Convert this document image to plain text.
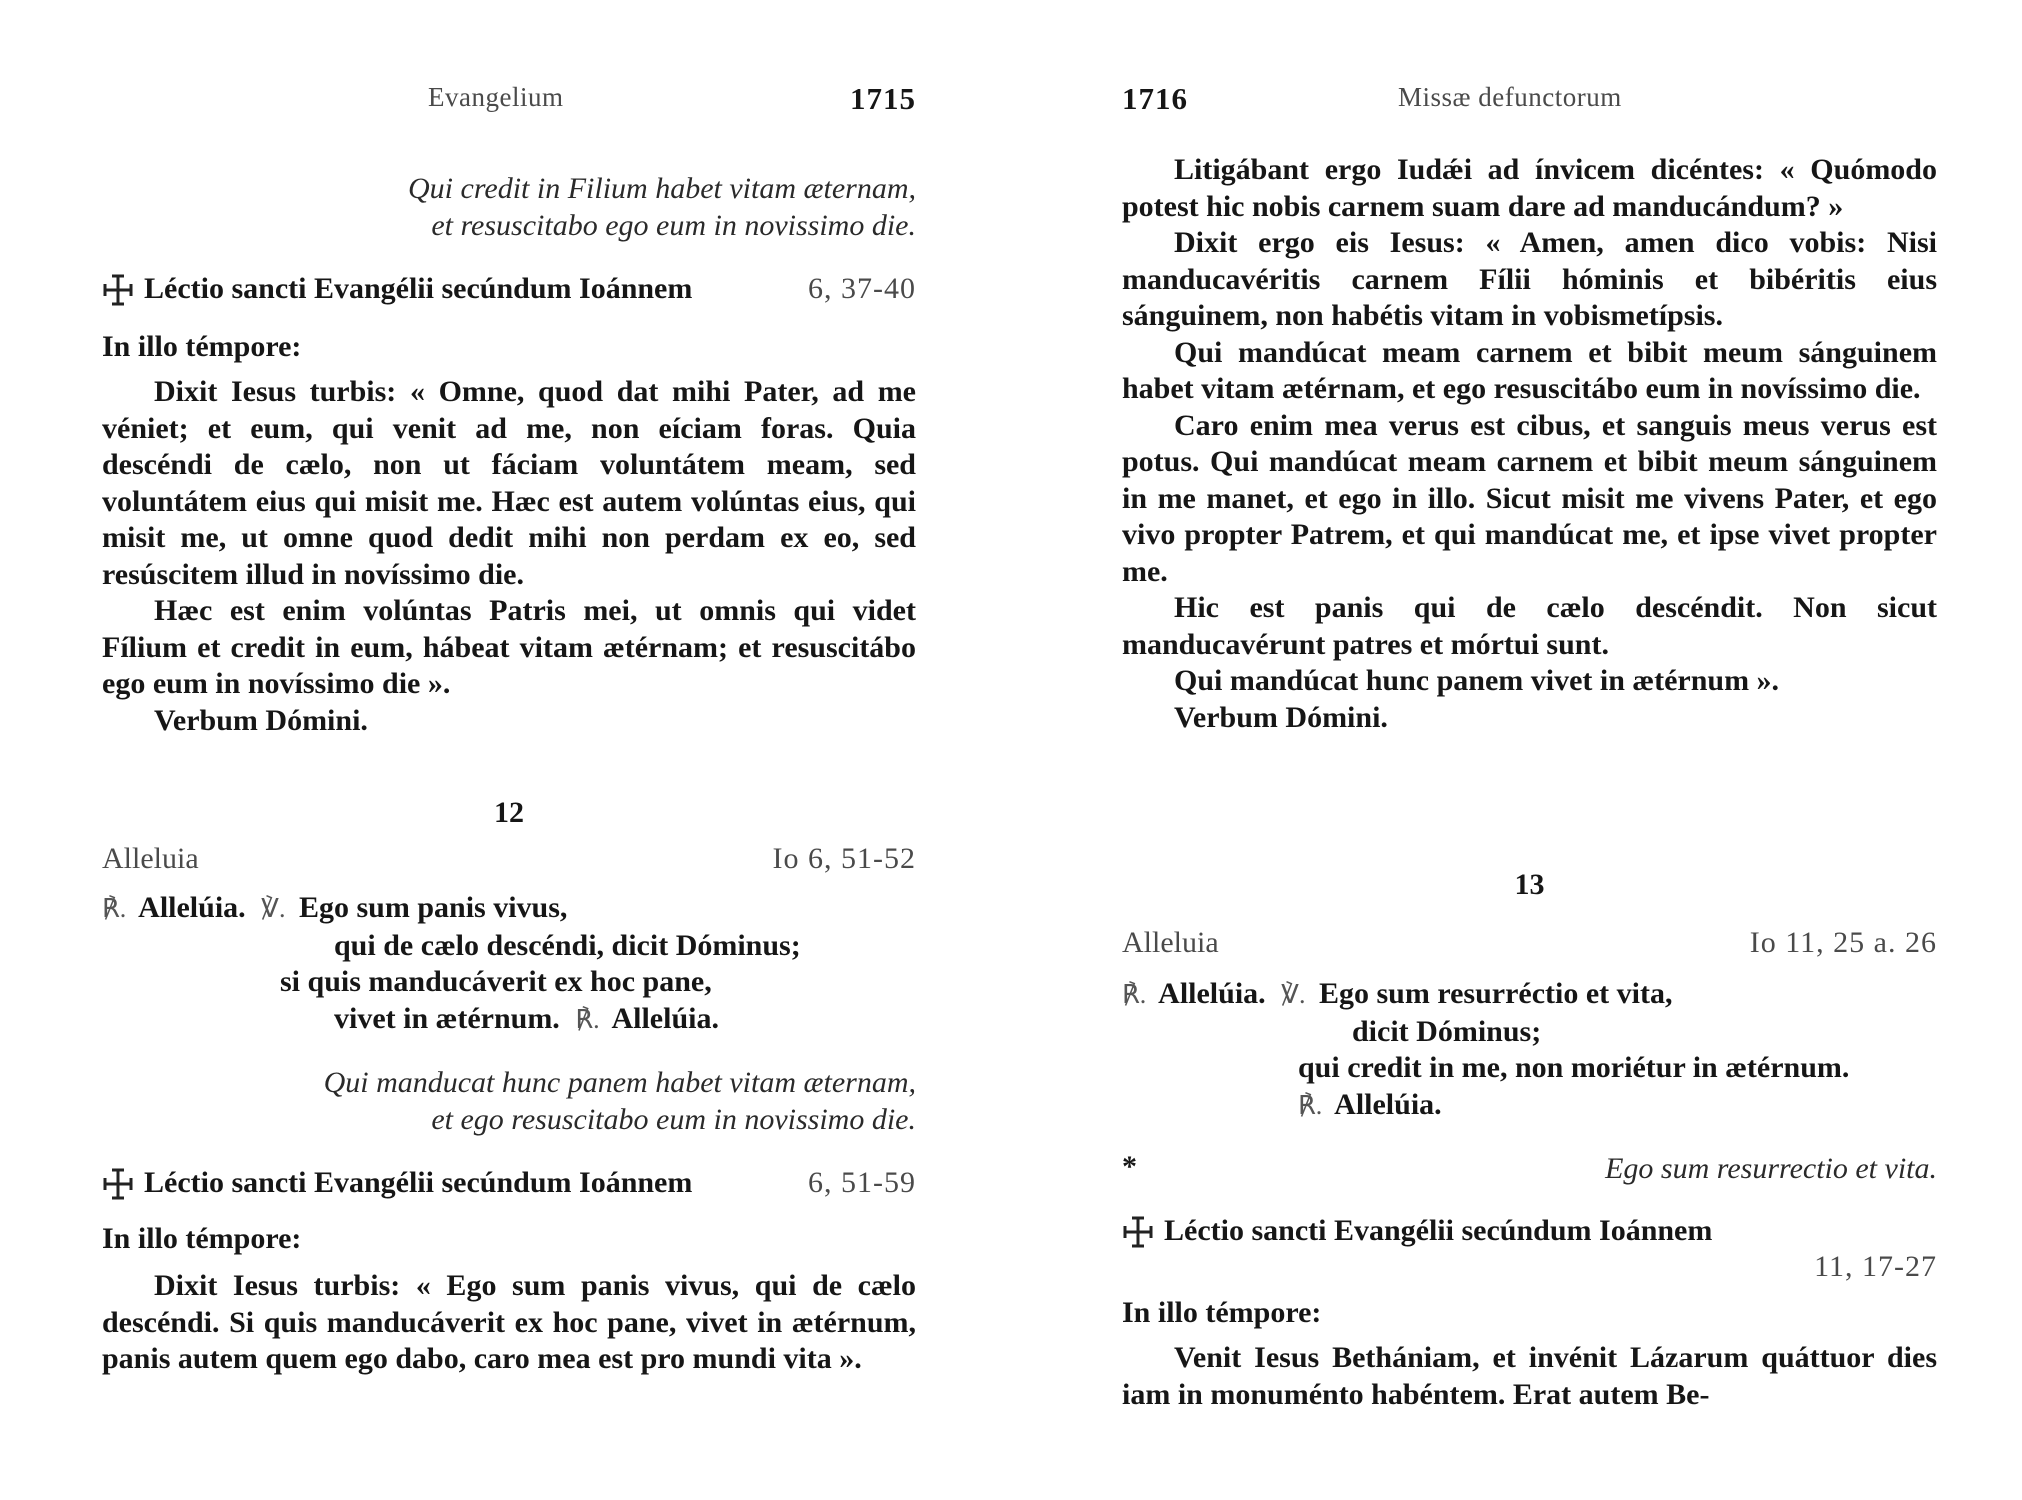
Evangelium	1715
Qui credit in Filium habet vitam æternam,
et resuscitabo ego eum in novissimo die.
Léctio sancti Evangélii secúndum Ioánnem	6, 37-40
In illo témpore:

Dixit Iesus turbis: « Omne, quod dat mihi Pater, ad me véniet; et eum, qui venit ad me, non eíciam foras. Quia descéndi de cælo, non ut fáciam voluntátem meam, sed voluntátem eius qui misit me. Hæc est autem volúntas eius, qui misit me, ut omne quod dedit mihi non perdam ex eo, sed resúscitem illud in novíssimo die.

Hæc est enim volúntas Patris mei, ut omnis qui videt Fílium et credit in eum, hábeat vitam ætérnam; et resuscitábo ego eum in novíssimo die ».

Verbum Dómini.

12
Alleluia	Io 6, 51-52
℟. Allelúia. ℣. Ego sum panis vivus,
qui de cælo descéndi, dicit Dóminus;
si quis manducáverit ex hoc pane,
vivet in ætérnum. ℟. Allelúia.
Qui manducat hunc panem habet vitam æternam,
et ego resuscitabo eum in novissimo die.
Léctio sancti Evangélii secúndum Ioánnem	6, 51-59
In illo témpore:

Dixit Iesus turbis: « Ego sum panis vivus, qui de cælo descéndi. Si quis manducáverit ex hoc pane, vivet in ætérnum, panis autem quem ego dabo, caro mea est pro mundi vita ».

1716	Missæ defunctorum

Litigábant ergo Iudǽi ad ínvicem dicéntes: « Quómodo potest hic nobis carnem suam dare ad manducándum? »

Dixit ergo eis Iesus: « Amen, amen dico vobis: Nisi manducavéritis carnem Fílii hóminis et bibéritis eius sánguinem, non habétis vitam in vobismetípsis.

Qui mandúcat meam carnem et bibit meum sánguinem habet vitam ætérnam, et ego resuscitábo eum in novíssimo die.

Caro enim mea verus est cibus, et sanguis meus verus est potus. Qui mandúcat meam carnem et bibit meum sánguinem in me manet, et ego in illo. Sicut misit me vivens Pater, et ego vivo propter Patrem, et qui mandúcat me, et ipse vivet propter me.

Hic est panis qui de cælo descéndit. Non sicut manducavérunt patres et mórtui sunt.

Qui mandúcat hunc panem vivet in ætérnum ».

Verbum Dómini.

13
Alleluia	Io 11, 25 a. 26
℟. Allelúia. ℣. Ego sum resurréctio et vita,
dicit Dóminus;
qui credit in me, non moriétur in ætérnum.
℟. Allelúia.
*	Ego sum resurrectio et vita.
Léctio sancti Evangélii secúndum Ioánnem
11, 17-27
In illo témpore:

Venit Iesus Bethániam, et invénit Lázarum quáttuor dies iam in monuménto habéntem. Erat autem Be-
